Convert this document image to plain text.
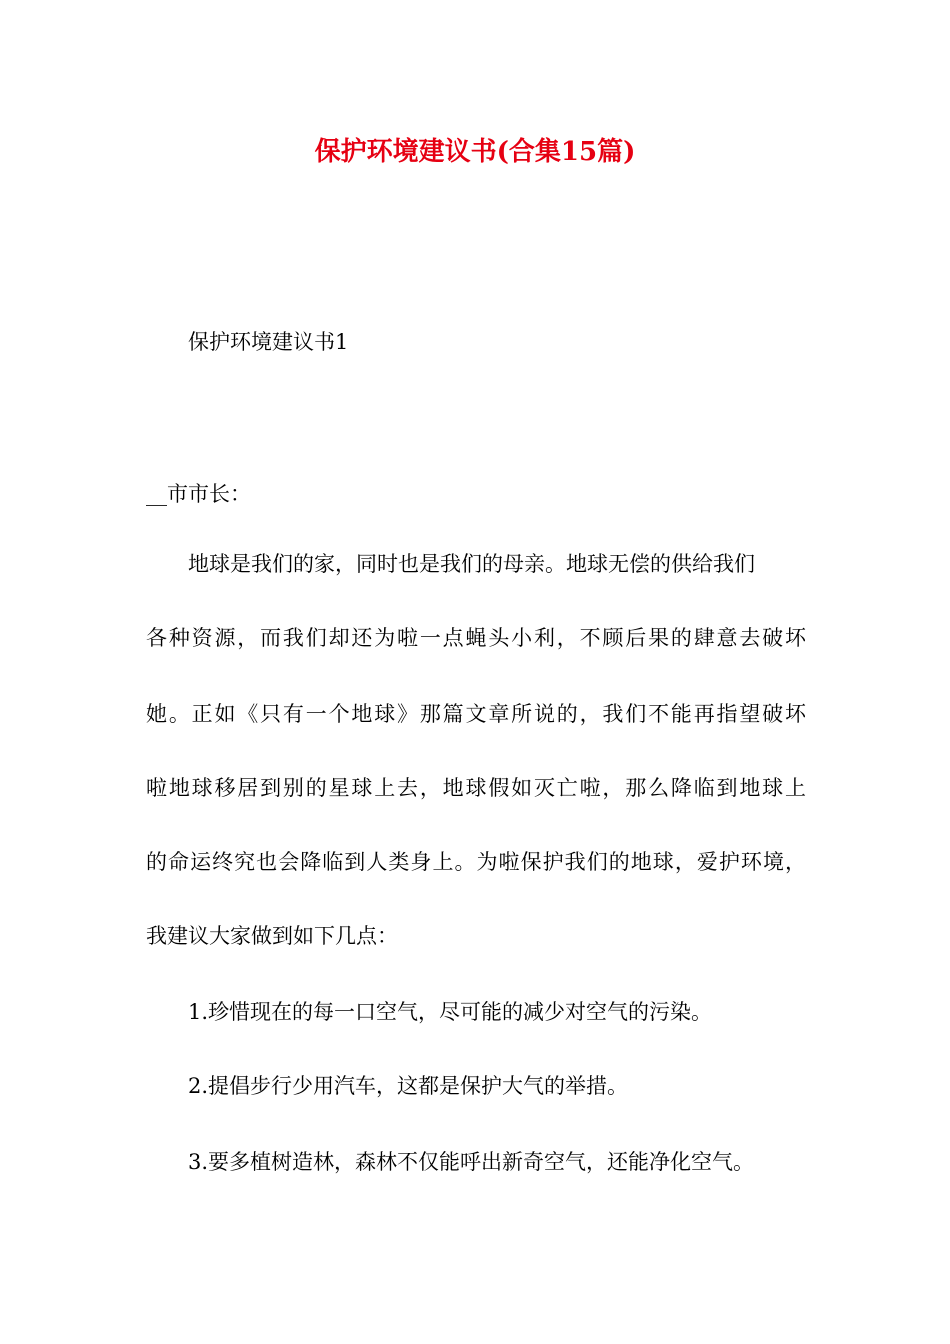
保护环境建议书(合集15篇)
保护环境建议书1
__市市长：
地球是我们的家，同时也是我们的母亲。地球无偿的供给我们
各种资源，而我们却还为啦一点蝇头小利，不顾后果的肆意去破坏
她。正如《只有一个地球》那篇文章所说的，我们不能再指望破坏
啦地球移居到别的星球上去，地球假如灭亡啦，那么降临到地球上
的命运终究也会降临到人类身上。为啦保护我们的地球，爱护环境，
我建议大家做到如下几点：
1.珍惜现在的每一口空气，尽可能的减少对空气的污染。
2.提倡步行少用汽车，这都是保护大气的举措。
3.要多植树造林，森林不仅能呼出新奇空气，还能净化空气。
